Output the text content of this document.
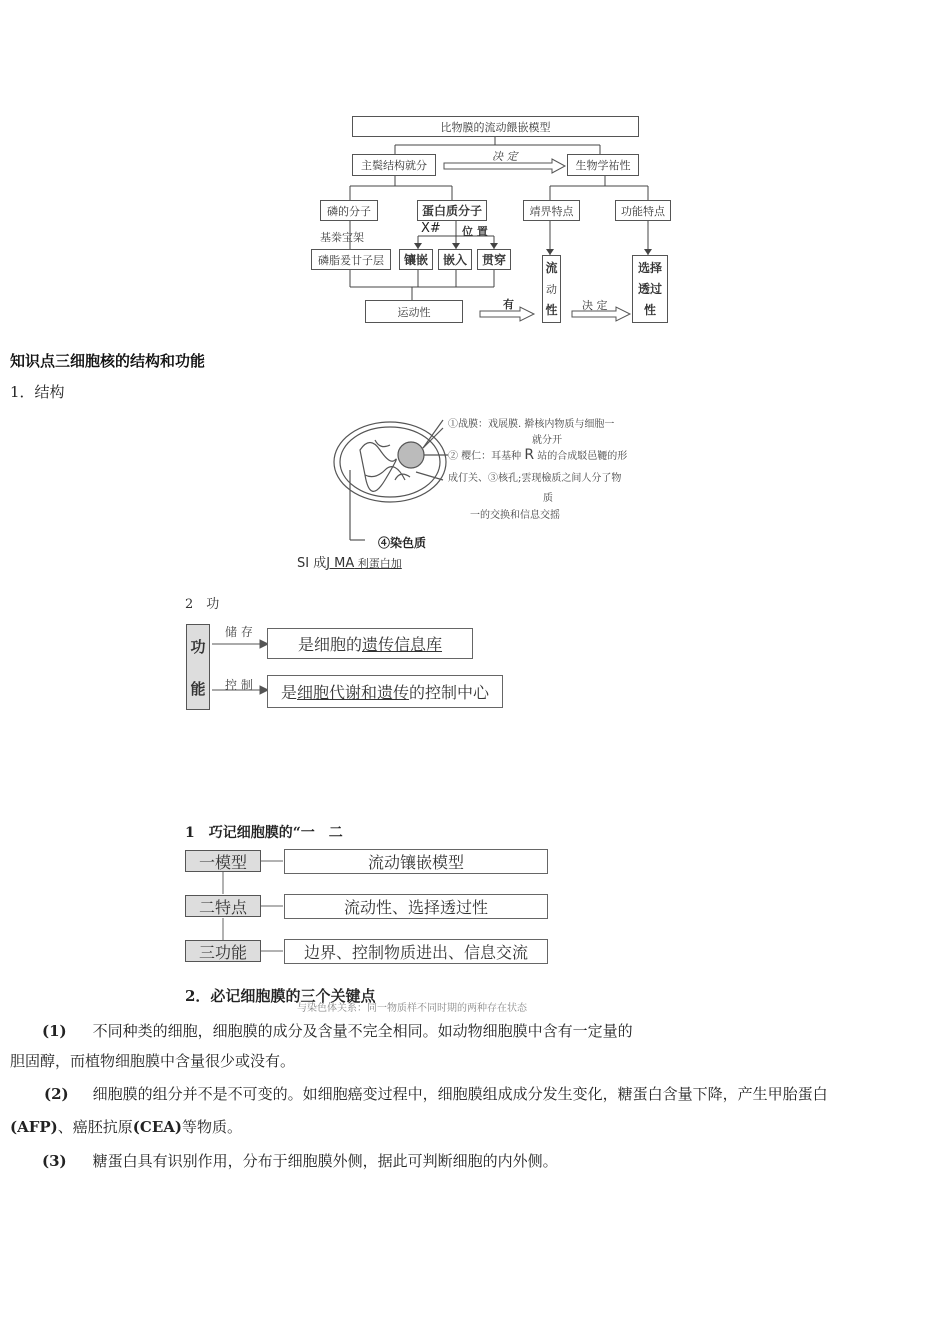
比物膜的流动餵嵌模型
决 定
主鬓结构就分	生物学祐性
磷的分子	蛋白质分子	靖畀特点	功能特点
基桊宝架
X# 位 置
磷脂爰廿子层 镶嵌 嵌入 贯穿
流
动
性
选择
透过
性
运动性
有	决 定
知识点三细胞核的结构和功能
1．结构
①战膜：戏展膜. 擀核内物质与细胞一
就分开
② 樱仁：耳基种 R 站的合成駁邑韆的形
成仃关、③核孔;雲现檢质之间人分了物
质
一的交换和信息交摇
④染色质
SI 成J MA 利蛋白加
2　功
功
能
储 存
控 制
是细胞的 遗传信息库
是 细胞代谢和遗传 的控制中心
1　巧记细胞膜的“一　二
一模型	流动镶嵌模型
二特点	流动性、选择透过性
三功能	边界、控制物质进出、信息交流
2．必记细胞膜的三个关键点
与染色体关系：同一物质样不同时期的两种存在状态
(1) 不同种类的细胞，细胞膜的成分及含量不完全相同。如动物细胞膜中含有一定量的
胆固醇，而植物细胞膜中含量很少或没有。
(2) 细胞膜的组分并不是不可变的。如细胞癌变过程中，细胞膜组成成分发生变化，糖蛋白含量下降，产生甲胎蛋白
(AFP)、癌胚抗原(CEA)等物质。
(3) 糖蛋白具有识别作用，分布于细胞膜外侧，据此可判断细胞的内外侧。
